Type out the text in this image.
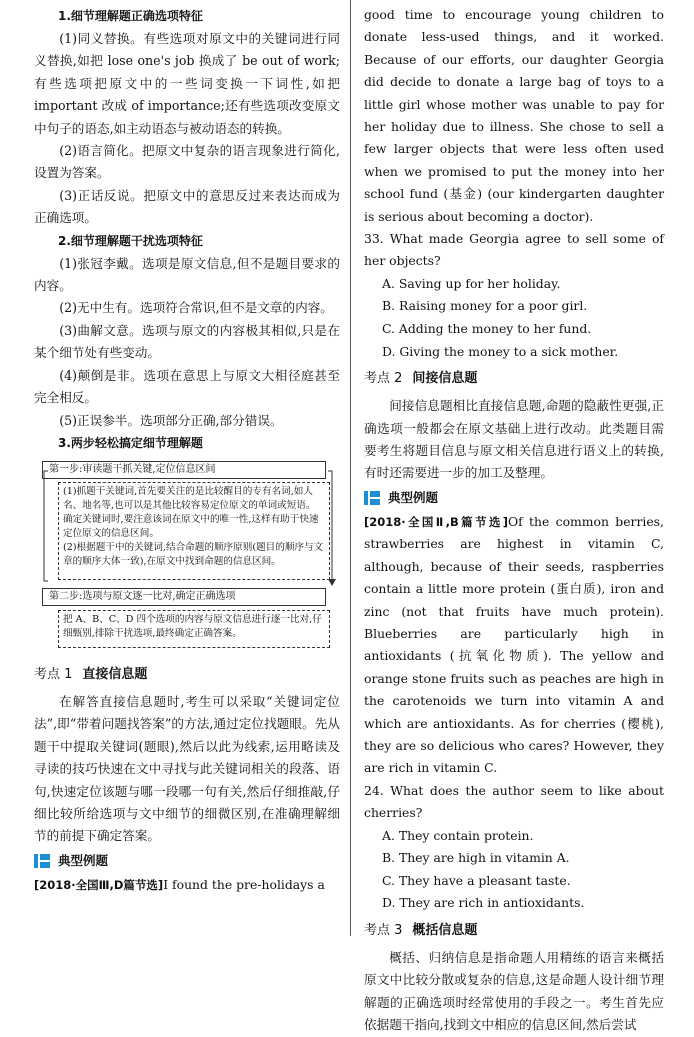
1.细节理解题正确选项特征

(1)同义替换。有些选项对原文中的关键词进行同义替换,如把 lose one's job 换成了 be out of work;有些选项把原文中的一些词变换一下词性,如把 important 改成 of importance;还有些选项改变原文中句子的语态,如主动语态与被动语态的转换。

(2)语言简化。把原文中复杂的语言现象进行简化,设置为答案。

(3)正话反说。把原文中的意思反过来表达而成为正确选项。

2.细节理解题干扰选项特征

(1)张冠李戴。选项是原文信息,但不是题目要求的内容。

(2)无中生有。选项符合常识,但不是文章的内容。

(3)曲解文意。选项与原文的内容极其相似,只是在某个细节处有些变动。

(4)颠倒是非。选项在意思上与原文大相径庭甚至完全相反。

(5)正误参半。选项部分正确,部分错误。

3.两步轻松搞定细节理解题

第一步:审读题干抓关键,定位信息区间
(1)抓题干关键词,首先要关注的是比较醒目的专有名词,如人名、地名等,也可以是其他比较容易定位原文的单词或短语。确定关键词时,要注意该词在原文中的唯一性,这样有助于快速定位原文的信息区间。
(2)根据题干中的关键词,结合命题的顺序原则(题目的顺序与文章的顺序大体一致),在原文中找到命题的信息区间。
第二步:选项与原文逐一比对,确定正确选项
把 A、B、C、D 四个选项的内容与原文信息进行逐一比对,仔细甄别,排除干扰选项,最终确定正确答案。

考点 1 直接信息题

在解答直接信息题时,考生可以采取“关键词定位法”,即“带着问题找答案”的方法,通过定位找题眼。先从题干中提取关键词(题眼),然后以此为线索,运用略读及寻读的技巧快速在文中寻找与此关键词相关的段落、语句,快速定位该题与哪一段哪一句有关,然后仔细推敲,仔细比较所给选项与文中细节的细微区别,在准确理解细节的前提下确定答案。

典型例题

[2018·全国Ⅲ,D篇节选]I found the pre-holidays a

good time to encourage young children to donate less-used things, and it worked. Because of our efforts, our daughter Georgia did decide to donate a large bag of toys to a little girl whose mother was unable to pay for her holiday due to illness. She chose to sell a few larger objects that were less often used when we promised to put the money into her school fund (基金) (our kindergarten daughter is serious about becoming a doctor).

33. What made Georgia agree to sell some of her objects?

A. Saving up for her holiday.

B. Raising money for a poor girl.

C. Adding the money to her fund.

D. Giving the money to a sick mother.

考点 2 间接信息题

间接信息题相比直接信息题,命题的隐蔽性更强,正确选项一般都会在原文基础上进行改动。此类题目需要考生将题目信息与原文相关信息进行语义上的转换,有时还需要进一步的加工及整理。

典型例题

[2018·全国Ⅱ,B篇节选]Of the common berries, strawberries are highest in vitamin C, although, because of their seeds, raspberries contain a little more protein (蛋白质), iron and zinc (not that fruits have much protein). Blueberries are particularly high in antioxidants (抗氧化物质). The yellow and orange stone fruits such as peaches are high in the carotenoids we turn into vitamin A and which are antioxidants. As for cherries (樱桃), they are so delicious who cares? However, they are rich in vitamin C.

24. What does the author seem to like about cherries?

A. They contain protein.

B. They are high in vitamin A.

C. They have a pleasant taste.

D. They are rich in antioxidants.

考点 3 概括信息题

概括、归纳信息是指命题人用精练的语言来概括原文中比较分散或复杂的信息,这是命题人设计细节理解题的正确选项时经常使用的手段之一。考生首先应依据题干指向,找到文中相应的信息区间,然后尝试
